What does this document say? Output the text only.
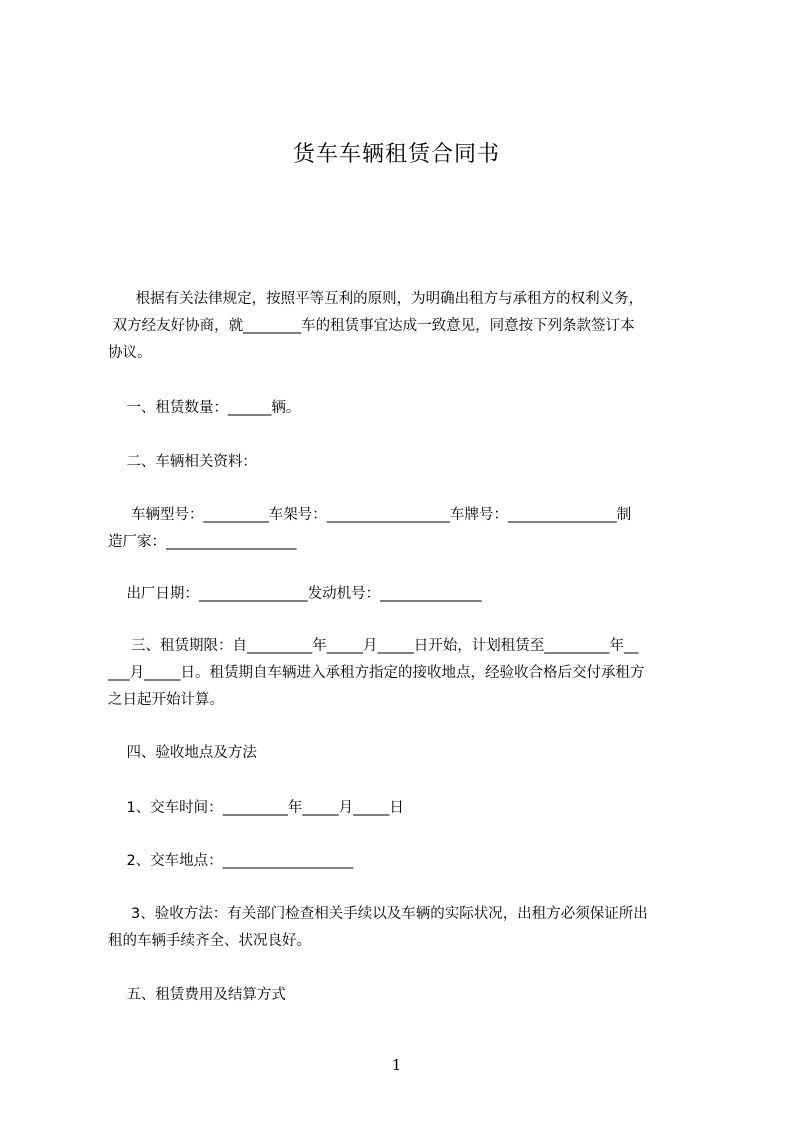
货车车辆租赁合同书

根据有关法律规定，按照平等互利的原则，为明确出租方与承租方的权利义务，
双方经友好协商，就________车的租赁事宜达成一致意见，同意按下列条款签订本
协议。

一、租赁数量：______辆。

二、车辆相关资料：

车辆型号：_________车架号：_________________车牌号：_______________制
造厂家：__________________

出厂日期：_______________发动机号：______________

三、租赁期限：自_________年_____月_____日开始，计划租赁至_________年__
___月_____日。租赁期自车辆进入承租方指定的接收地点，经验收合格后交付承租方
之日起开始计算。

四、验收地点及方法

1、交车时间：_________年_____月_____日

2、交车地点：__________________

3、验收方法：有关部门检查相关手续以及车辆的实际状况，出租方必须保证所出
租的车辆手续齐全、状况良好。

五、租赁费用及结算方式

1
